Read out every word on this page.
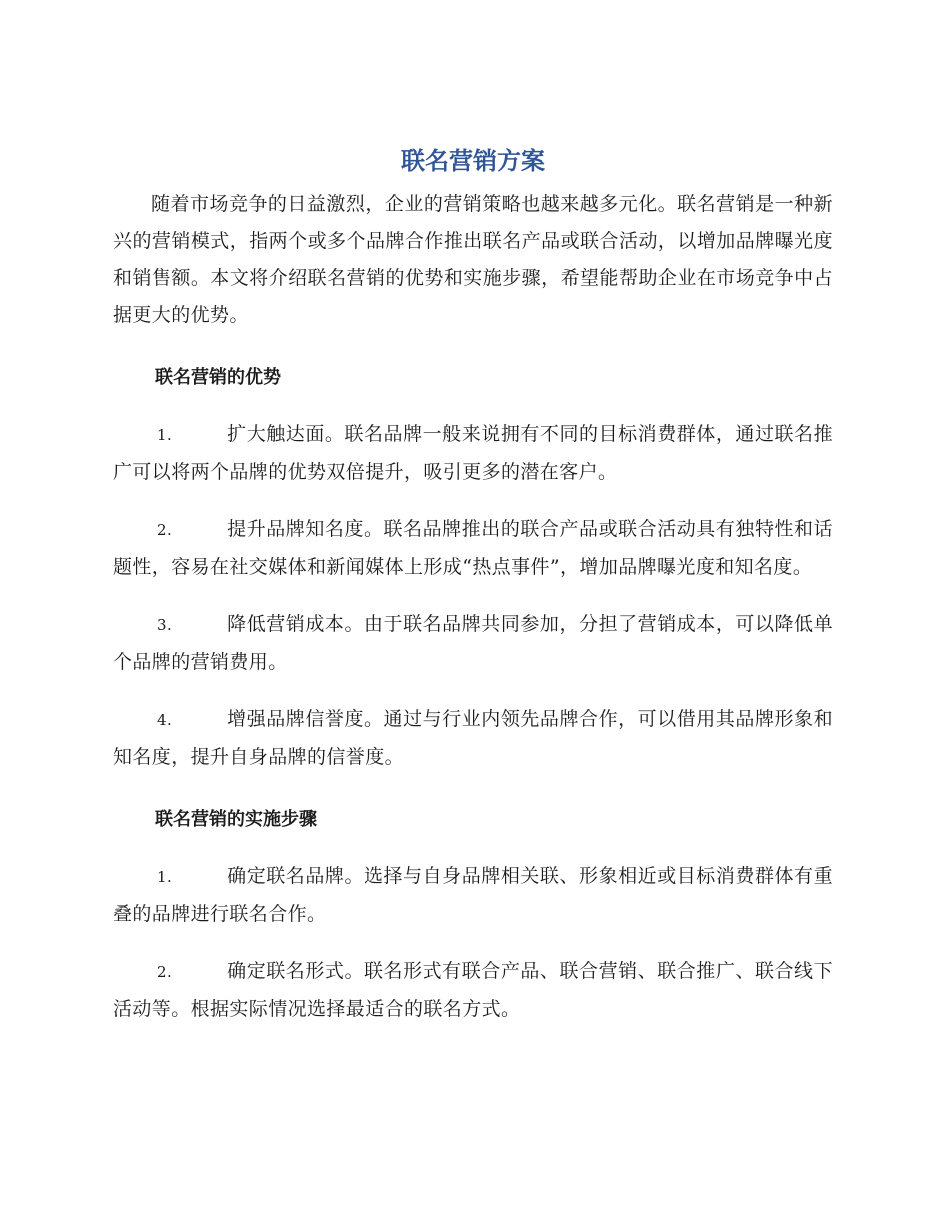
联名营销方案

随着市场竞争的日益激烈，企业的营销策略也越来越多元化。联名营销是一种新兴的营销模式，指两个或多个品牌合作推出联名产品或联合活动，以增加品牌曝光度和销售额。本文将介绍联名营销的优势和实施步骤，希望能帮助企业在市场竞争中占据更大的优势。

联名营销的优势

1.	扩大触达面。联名品牌一般来说拥有不同的目标消费群体，通过联名推广可以将两个品牌的优势双倍提升，吸引更多的潜在客户。

2.	提升品牌知名度。联名品牌推出的联合产品或联合活动具有独特性和话题性，容易在社交媒体和新闻媒体上形成“热点事件”，增加品牌曝光度和知名度。

3.	降低营销成本。由于联名品牌共同参加，分担了营销成本，可以降低单个品牌的营销费用。

4.	增强品牌信誉度。通过与行业内领先品牌合作，可以借用其品牌形象和知名度，提升自身品牌的信誉度。

联名营销的实施步骤

1.	确定联名品牌。选择与自身品牌相关联、形象相近或目标消费群体有重叠的品牌进行联名合作。

2.	确定联名形式。联名形式有联合产品、联合营销、联合推广、联合线下活动等。根据实际情况选择最适合的联名方式。
